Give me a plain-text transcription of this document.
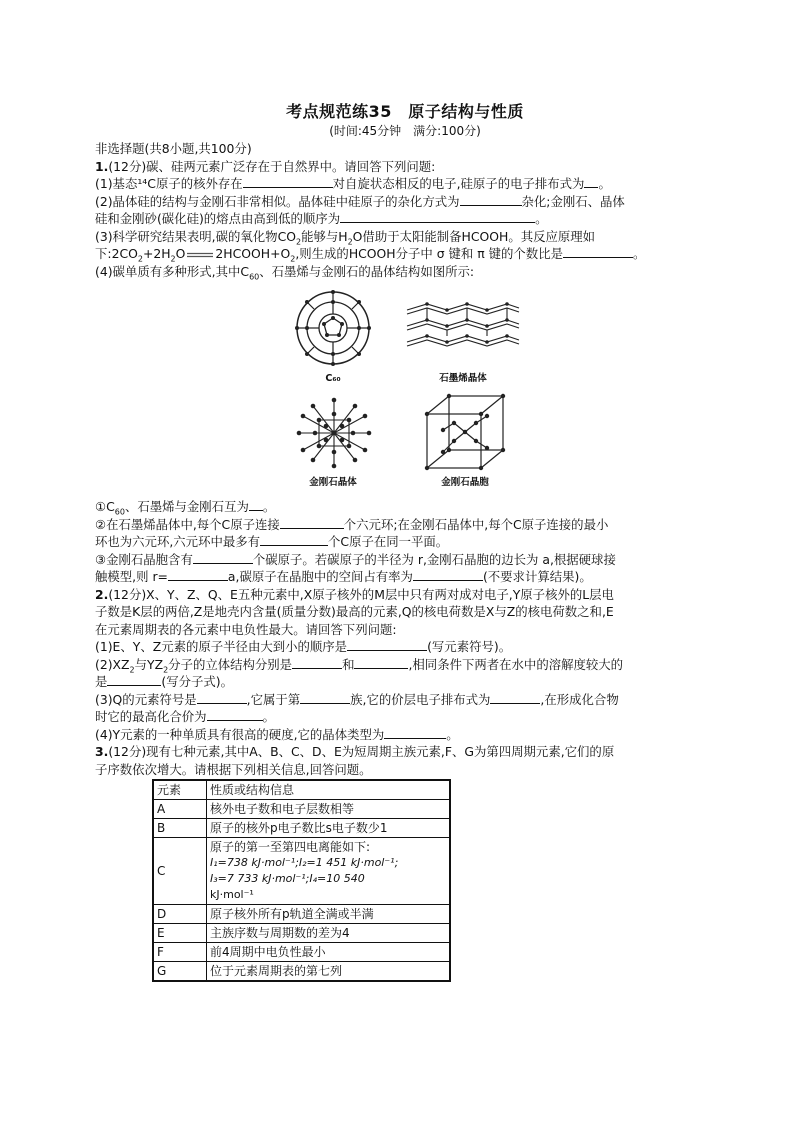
考点规范练35　原子结构与性质
(时间:45分钟　满分:100分)

非选择题(共8小题,共100分)

1.(12分)碳、硅两元素广泛存在于自然界中。请回答下列问题:

(1)基态¹⁴C原子的核外存在	对自旋状态相反的电子,硅原子的电子排布式为 。

(2)晶体硅的结构与金刚石非常相似。晶体硅中硅原子的杂化方式为	杂化;金刚石、晶体

硅和金刚砂(碳化硅)的熔点由高到低的顺序为	。

(3)科学研究结果表明,碳的氧化物$CO_2$能够与$H_2O$借助于太阳能制备HCOOH。其反应原理如

下$:2CO_2+2H_2O$ $2HCOOH+O_2$,则生成的HCOOH分子中 σ 键和 π 键的个数比是	。

(4)碳单质有多种形式,其中$C_{60}$、石墨烯与金刚石的晶体结构如图所示:

C₆₀	石墨烯晶体
金刚石晶体	金刚石晶胞

$①C_{60}$、石墨烯与金刚石互为 。

②在石墨烯晶体中,每个C原子连接	个六元环;在金刚石晶体中,每个C原子连接的最小

环也为六元环,六元环中最多有	个C原子在同一平面。

③金刚石晶胞含有	个碳原子。若碳原子的半径为 r,金刚石晶胞的边长为 a,根据硬球接

触模型,则 r=	a,碳原子在晶胞中的空间占有率为	(不要求计算结果)。

2.(12分)X、Y、Z、Q、E五种元素中,X原子核外的M层中只有两对成对电子,Y原子核外的L层电

子数是K层的两倍,Z是地壳内含量(质量分数)最高的元素,Q的核电荷数是X与Z的核电荷数之和,E

在元素周期表的各元素中电负性最大。请回答下列问题:

(1)E、Y、Z元素的原子半径由大到小的顺序是	(写元素符号)。

$(2)XZ_2$与$YZ_2$分子的立体结构分别是	和	,相同条件下两者在水中的溶解度较大的

是	(写分子式)。

(3)Q的元素符号是	,它属于第	族,它的价层电子排布式为	,在形成化合物

时它的最高化合价为	。

(4)Y元素的一种单质具有很高的硬度,它的晶体类型为	。

3.(12分)现有七种元素,其中A、B、C、D、E为短周期主族元素,F、G为第四周期元素,它们的原

子序数依次增大。请根据下列相关信息,回答问题。

元素	性质或结构信息
A	核外电子数和电子层数相等
B	原子的核外p电子数比s电子数少1
C	原子的第一至第四电离能如下:
I₁=738 kJ·mol⁻¹;I₂=1 451 kJ·mol⁻¹;
I₃=7 733 kJ·mol⁻¹;I₄=10 540
kJ·mol⁻¹

D	原子核外所有p轨道全满或半满
E	主族序数与周期数的差为4
F	前4周期中电负性最小
G	位于元素周期表的第七列
